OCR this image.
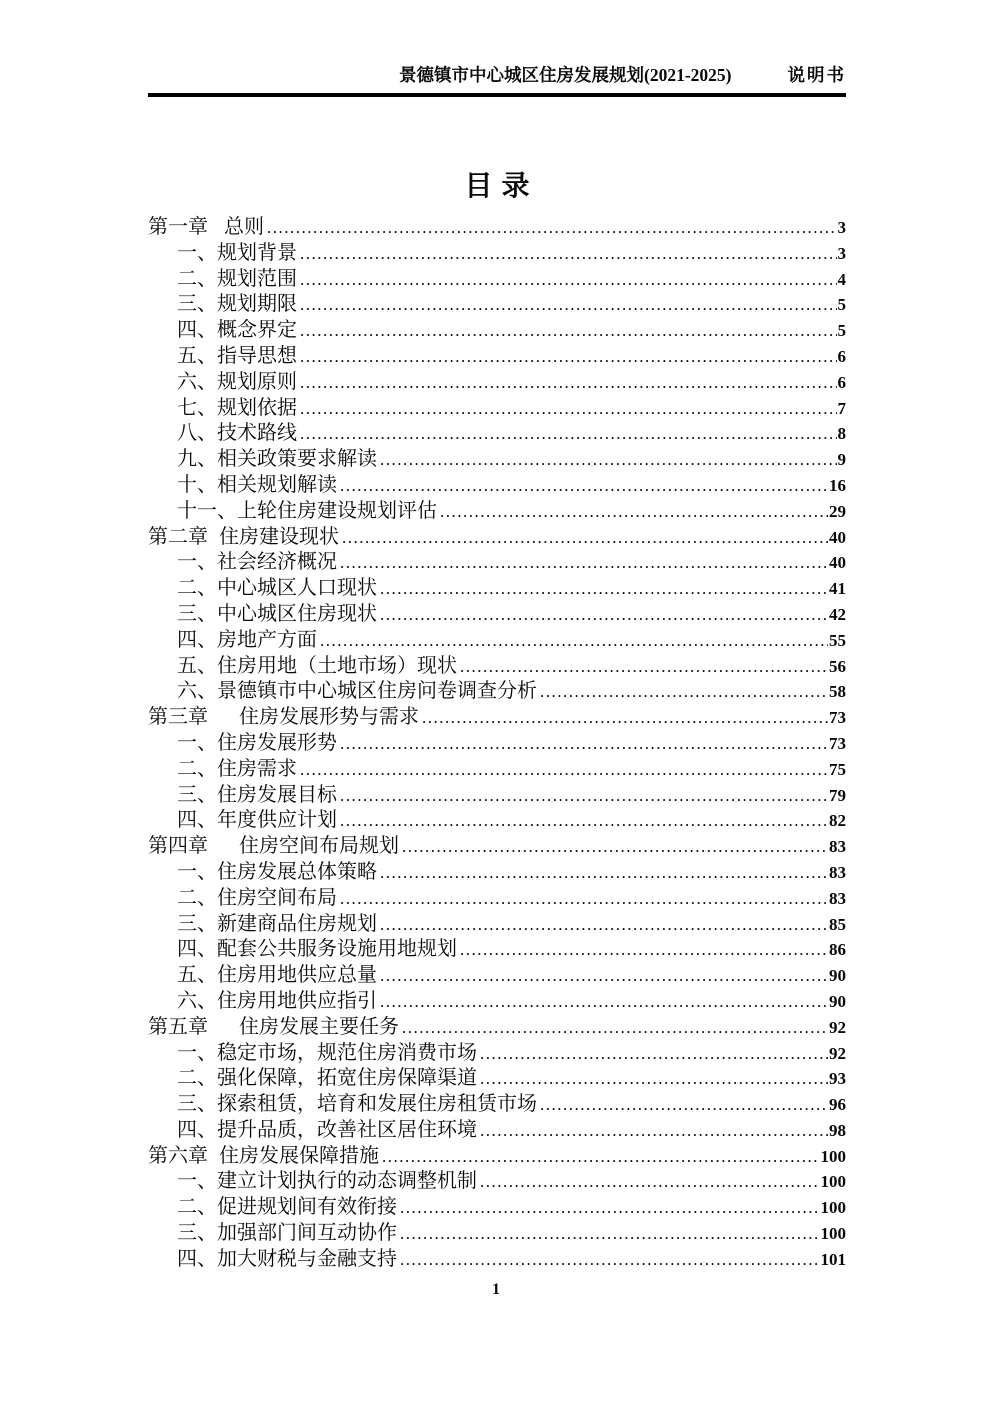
景德镇市中心城区住房发展规划(2021-2025)	说明书
目录
第一章 总则 .....	3
一、规划背景 .....	3
二、规划范围 .....	4
三、规划期限 .....	5
四、概念界定 .....	5
五、指导思想 .....	6
六、规划原则 .....	6
七、规划依据 .....	7
八、技术路线 .....	8
九、相关政策要求解读 .....	9
十、相关规划解读 .....	16
十一、上轮住房建设规划评估 .....	29
第二章 住房建设现状 .....	40
一、社会经济概况 .....	40
二、中心城区人口现状 .....	41
三、中心城区住房现状 .....	42
四、房地产方面 .....	55
五、住房用地（土地市场）现状 .....	56
六、景德镇市中心城区住房问卷调查分析 .....	58
第三章 住房发展形势与需求 .....	73
一、住房发展形势 .....	73
二、住房需求 .....	75
三、住房发展目标 .....	79
四、年度供应计划 .....	82
第四章 住房空间布局规划 .....	83
一、住房发展总体策略 .....	83
二、住房空间布局 .....	83
三、新建商品住房规划 .....	85
四、配套公共服务设施用地规划 .....	86
五、住房用地供应总量 .....	90
六、住房用地供应指引 .....	90
第五章 住房发展主要任务 .....	92
一、稳定市场，规范住房消费市场 .....	92
二、强化保障，拓宽住房保障渠道 .....	93
三、探索租赁，培育和发展住房租赁市场 .....	96
四、提升品质，改善社区居住环境 .....	98
第六章 住房发展保障措施 .....	100
一、建立计划执行的动态调整机制 .....	100
二、促进规划间有效衔接 .....	100
三、加强部门间互动协作 .....	100
四、加大财税与金融支持 .....	101
1
